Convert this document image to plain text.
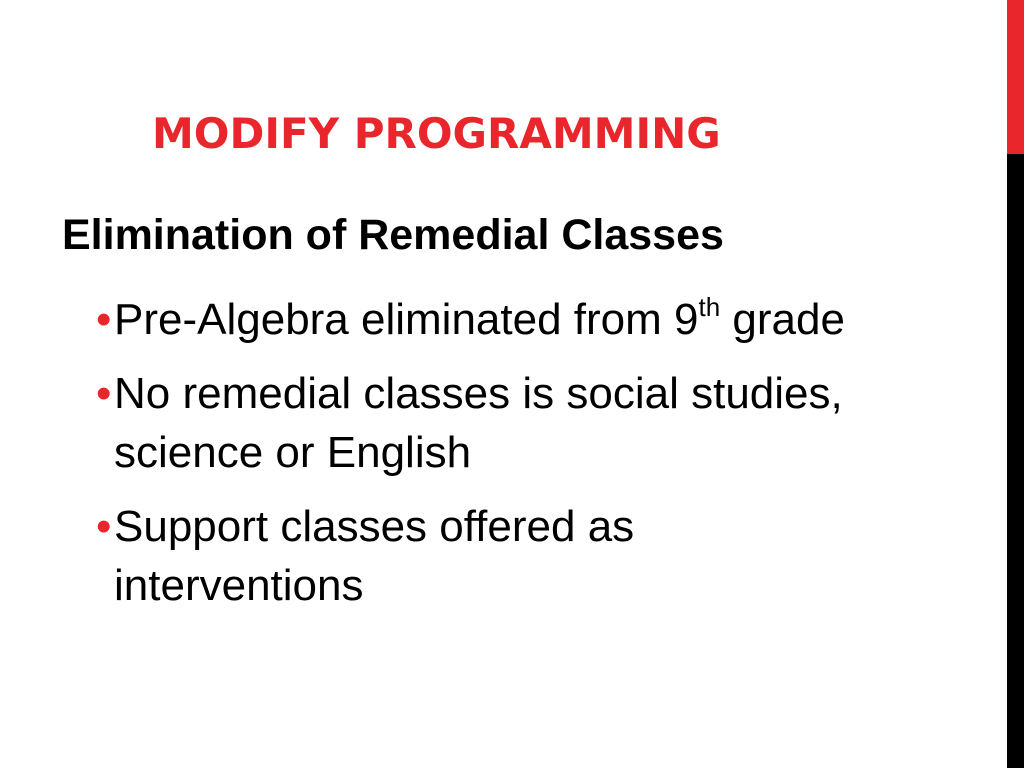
MODIFY PROGRAMMING
Elimination of Remedial Classes
• Pre-Algebra eliminated from 9th grade
• No remedial classes is social studies, science or English
• Support classes offered as interventions
